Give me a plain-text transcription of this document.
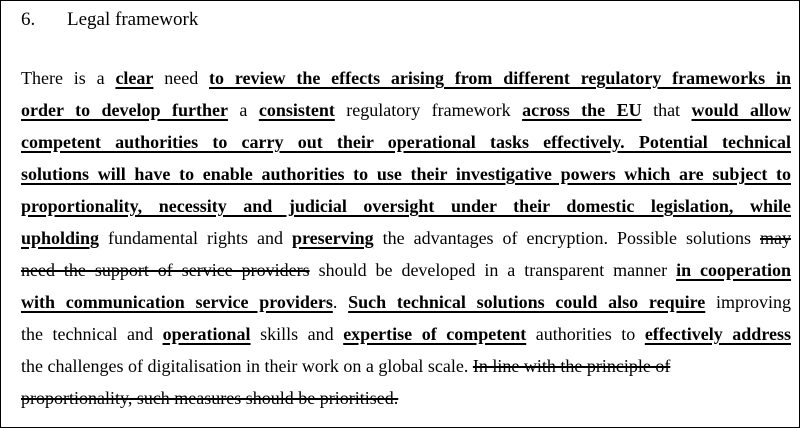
6. Legal framework
There is a clear need to review the effects arising from different regulatory frameworks in
order to develop further a consistent regulatory framework across the EU that would allow
competent authorities to carry out their operational tasks effectively. Potential technical
solutions will have to enable authorities to use their investigative powers which are subject to
proportionality, necessity and judicial oversight under their domestic legislation, while
upholding fundamental rights and preserving the advantages of encryption. Possible solutions may
need the support of service providers should be developed in a transparent manner in cooperation
with communication service providers. Such technical solutions could also require improving
the technical and operational skills and expertise of competent authorities to effectively address
the challenges of digitalisation in their work on a global scale. In line with the principle of
proportionality, such measures should be prioritised.
